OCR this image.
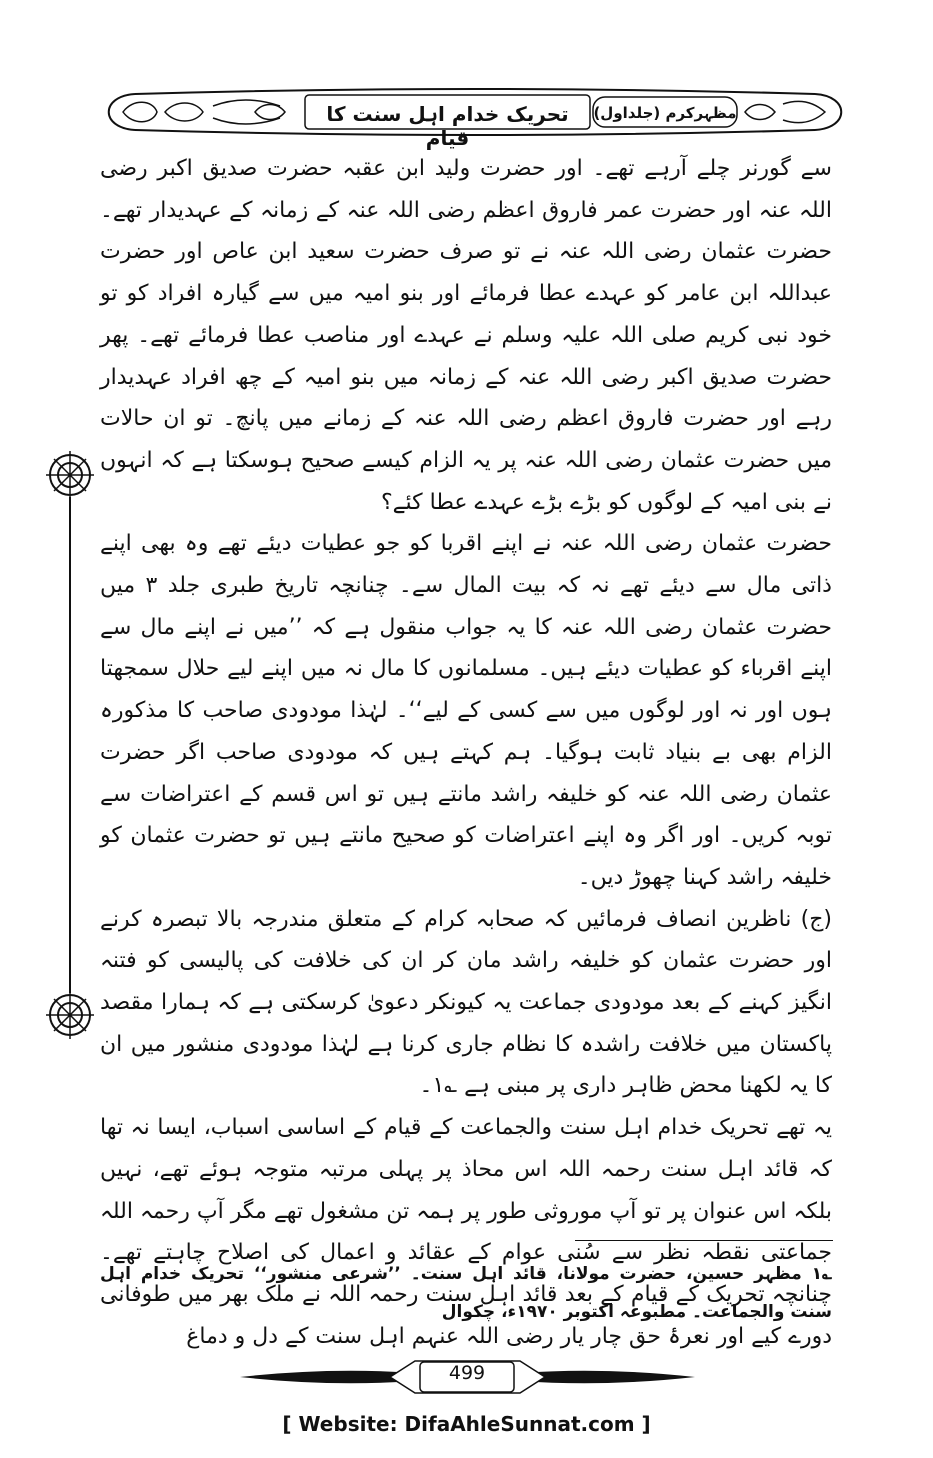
تحریک خدام اہل سنت کا قیام
مظہرکرم (جلداول)

سے گورنر چلے آرہے تھے۔ اور حضرت ولید ابن عقبہ حضرت صدیق اکبر رضی اللہ عنہ اور حضرت عمر فاروق اعظم رضی اللہ عنہ کے زمانہ کے عہدیدار تھے۔ حضرت عثمان رضی اللہ عنہ نے تو صرف حضرت سعید ابن عاص اور حضرت عبداللہ ابن عامر کو عہدے عطا فرمائے اور بنو امیہ میں سے گیارہ افراد کو تو خود نبی کریم صلی اللہ علیہ وسلم نے عہدے اور مناصب عطا فرمائے تھے۔ پھر حضرت صدیق اکبر رضی اللہ عنہ کے زمانہ میں بنو امیہ کے چھ افراد عہدیدار رہے اور حضرت فاروق اعظم رضی اللہ عنہ کے زمانے میں پانچ۔ تو ان حالات میں حضرت عثمان رضی اللہ عنہ پر یہ الزام کیسے صحیح ہوسکتا ہے کہ انہوں نے بنی امیہ کے لوگوں کو بڑے بڑے عہدے عطا کئے؟

حضرت عثمان رضی اللہ عنہ نے اپنے اقربا کو جو عطیات دیئے تھے وہ بھی اپنے ذاتی مال سے دیئے تھے نہ کہ بیت المال سے۔ چنانچہ تاریخ طبری جلد ۳ میں حضرت عثمان رضی اللہ عنہ کا یہ جواب منقول ہے کہ ’’میں نے اپنے مال سے اپنے اقرباء کو عطیات دیئے ہیں۔ مسلمانوں کا مال نہ میں اپنے لیے حلال سمجھتا ہوں اور نہ اور لوگوں میں سے کسی کے لیے‘‘۔ لہٰذا مودودی صاحب کا مذکورہ الزام بھی بے بنیاد ثابت ہوگیا۔ ہم کہتے ہیں کہ مودودی صاحب اگر حضرت عثمان رضی اللہ عنہ کو خلیفہ راشد مانتے ہیں تو اس قسم کے اعتراضات سے توبہ کریں۔ اور اگر وہ اپنے اعتراضات کو صحیح مانتے ہیں تو حضرت عثمان کو خلیفہ راشد کہنا چھوڑ دیں۔

(ج) ناظرین انصاف فرمائیں کہ صحابہ کرام کے متعلق مندرجہ بالا تبصرہ کرنے اور حضرت عثمان کو خلیفہ راشد مان کر ان کی خلافت کی پالیسی کو فتنہ انگیز کہنے کے بعد مودودی جماعت یہ کیونکر دعویٰ کرسکتی ہے کہ ہمارا مقصد پاکستان میں خلافت راشدہ کا نظام جاری کرنا ہے لہٰذا مودودی منشور میں ان کا یہ لکھنا محض ظاہر داری پر مبنی ہے ؎۱۔

یہ تھے تحریک خدام اہل سنت والجماعت کے قیام کے اساسی اسباب، ایسا نہ تھا کہ قائد اہل سنت رحمہ اللہ اس محاذ پر پہلی مرتبہ متوجہ ہوئے تھے، نہیں بلکہ اس عنوان پر تو آپ موروثی طور پر ہمہ تن مشغول تھے مگر آپ رحمہ اللہ جماعتی نقطہ نظر سے سُنی عوام کے عقائد و اعمال کی اصلاح چاہتے تھے۔ چنانچہ تحریک کے قیام کے بعد قائد اہل سنت رحمہ اللہ نے ملک بھر میں طوفانی دورے کیے اور نعرۂ حق چار یار رضی اللہ عنہم اہل سنت کے دل و دماغ

؎۱ مظہر حسین، حضرت مولانا، قائد اہل سنت۔ ’’شرعی منشور‘‘ تحریک خدام اہل سنت والجماعت۔ مطبوعہ اکتوبر ۱۹۷۰ء، چکوال
499
[ Website: DifaAhleSunnat.com ]
